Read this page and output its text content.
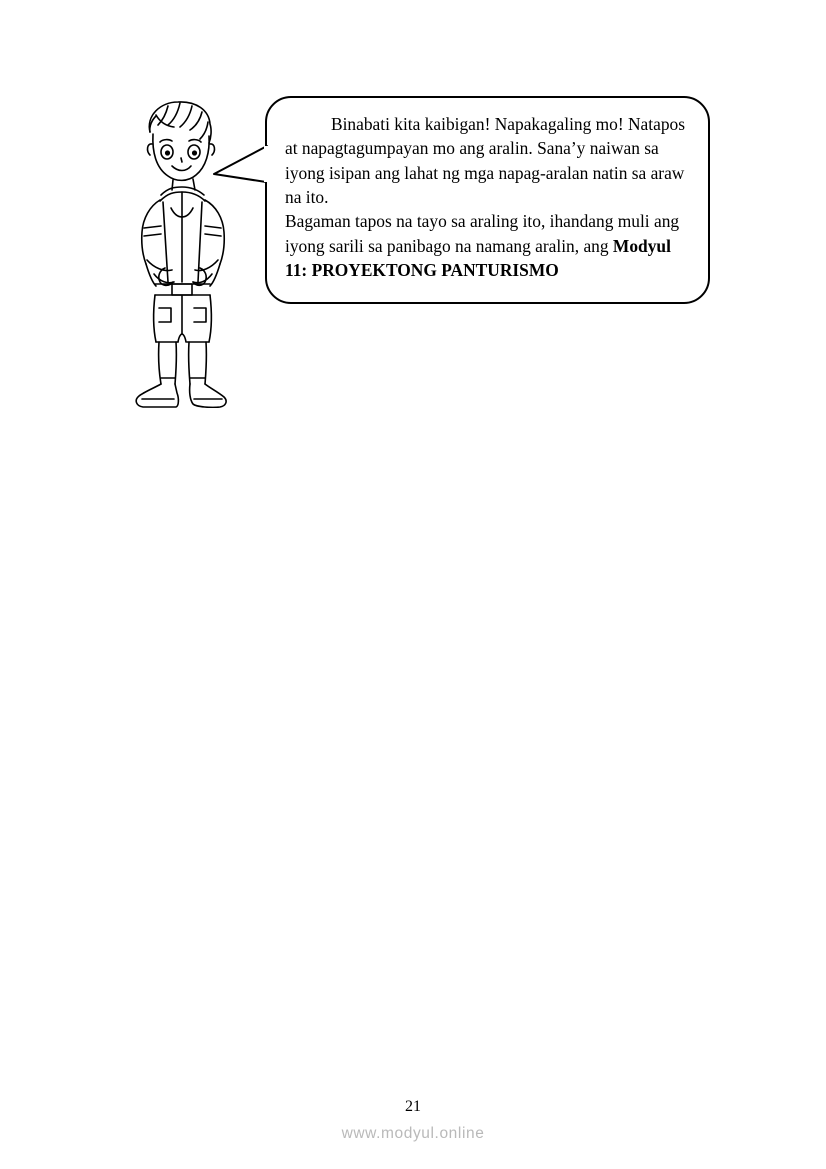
Binabati kita kaibigan! Napakagaling mo! Natapos at napagtagumpayan mo ang aralin. Sana’y naiwan sa iyong isipan ang lahat ng mga napag-aralan natin sa araw na ito.

Bagaman tapos na tayo sa araling ito, ihandang muli ang iyong sarili sa panibago na namang aralin, ang Modyul 11: PROYEKTONG PANTURISMO

21
www.modyul.online
